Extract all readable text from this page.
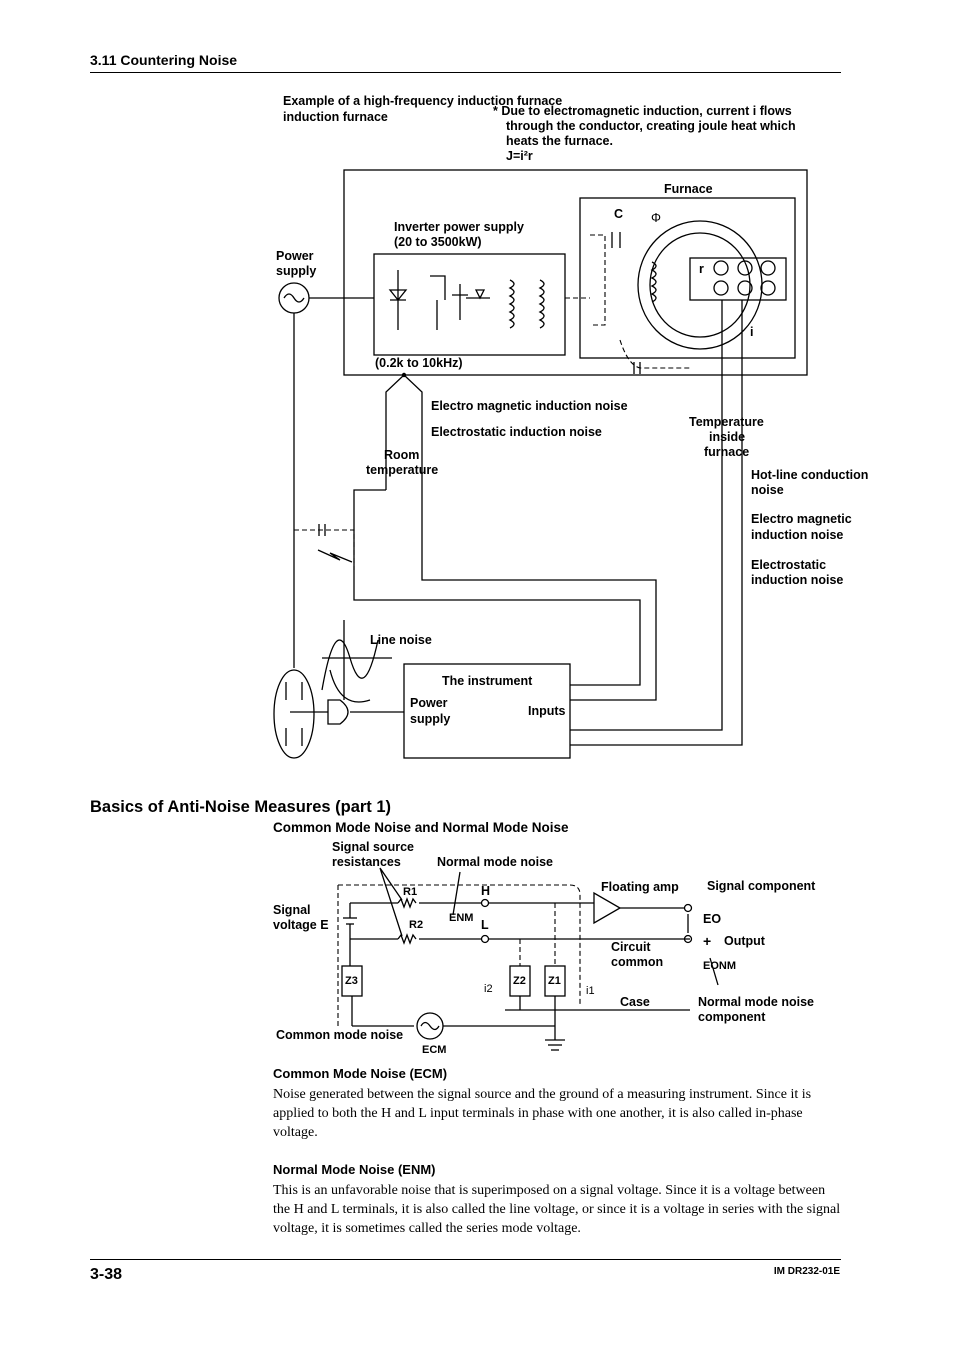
3.11 Countering Noise
Example of a high-frequency induction furnace
induction furnace	* Due to electromagnetic induction, current i flows
through the conductor, creating joule heat which
heats the furnace.
J=i²r
Furnace
C Φ
r
i
Inverter power supply
(20 to 3500kW)
Power
supply
(0.2k to 10kHz)
Electro magnetic induction noise
Electrostatic induction noise
Temperature
inside
furnace
Room
temperature	Hot-line conduction
noise
Electro magnetic
induction noise
Electrostatic
induction noise
Line noise
The instrument
Power
supply
Inputs
Basics of Anti-Noise Measures (part 1)
Common Mode Noise and Normal Mode Noise
Signal source
resistances	Normal mode noise
R1
R2
H
L
ENM
Floating amp Signal component
Signal
voltage E	EO
+ Output
Circuit
common	EONM
Z3	Z2 Z1
i2	i1
Case	Normal mode noise
component
Common mode noise
ECM
Common Mode Noise (ECM)
Noise generated between the signal source and the ground of a measuring instrument. Since it is applied to both the H and L input terminals in phase with one another, it is also called in-phase voltage.
Normal Mode Noise (ENM)
This is an unfavorable noise that is superimposed on a signal voltage. Since it is a voltage between the H and L terminals, it is also called the line voltage, or since it is a voltage in series with the signal voltage, it is sometimes called the series mode voltage.
3-38	IM DR232-01E
